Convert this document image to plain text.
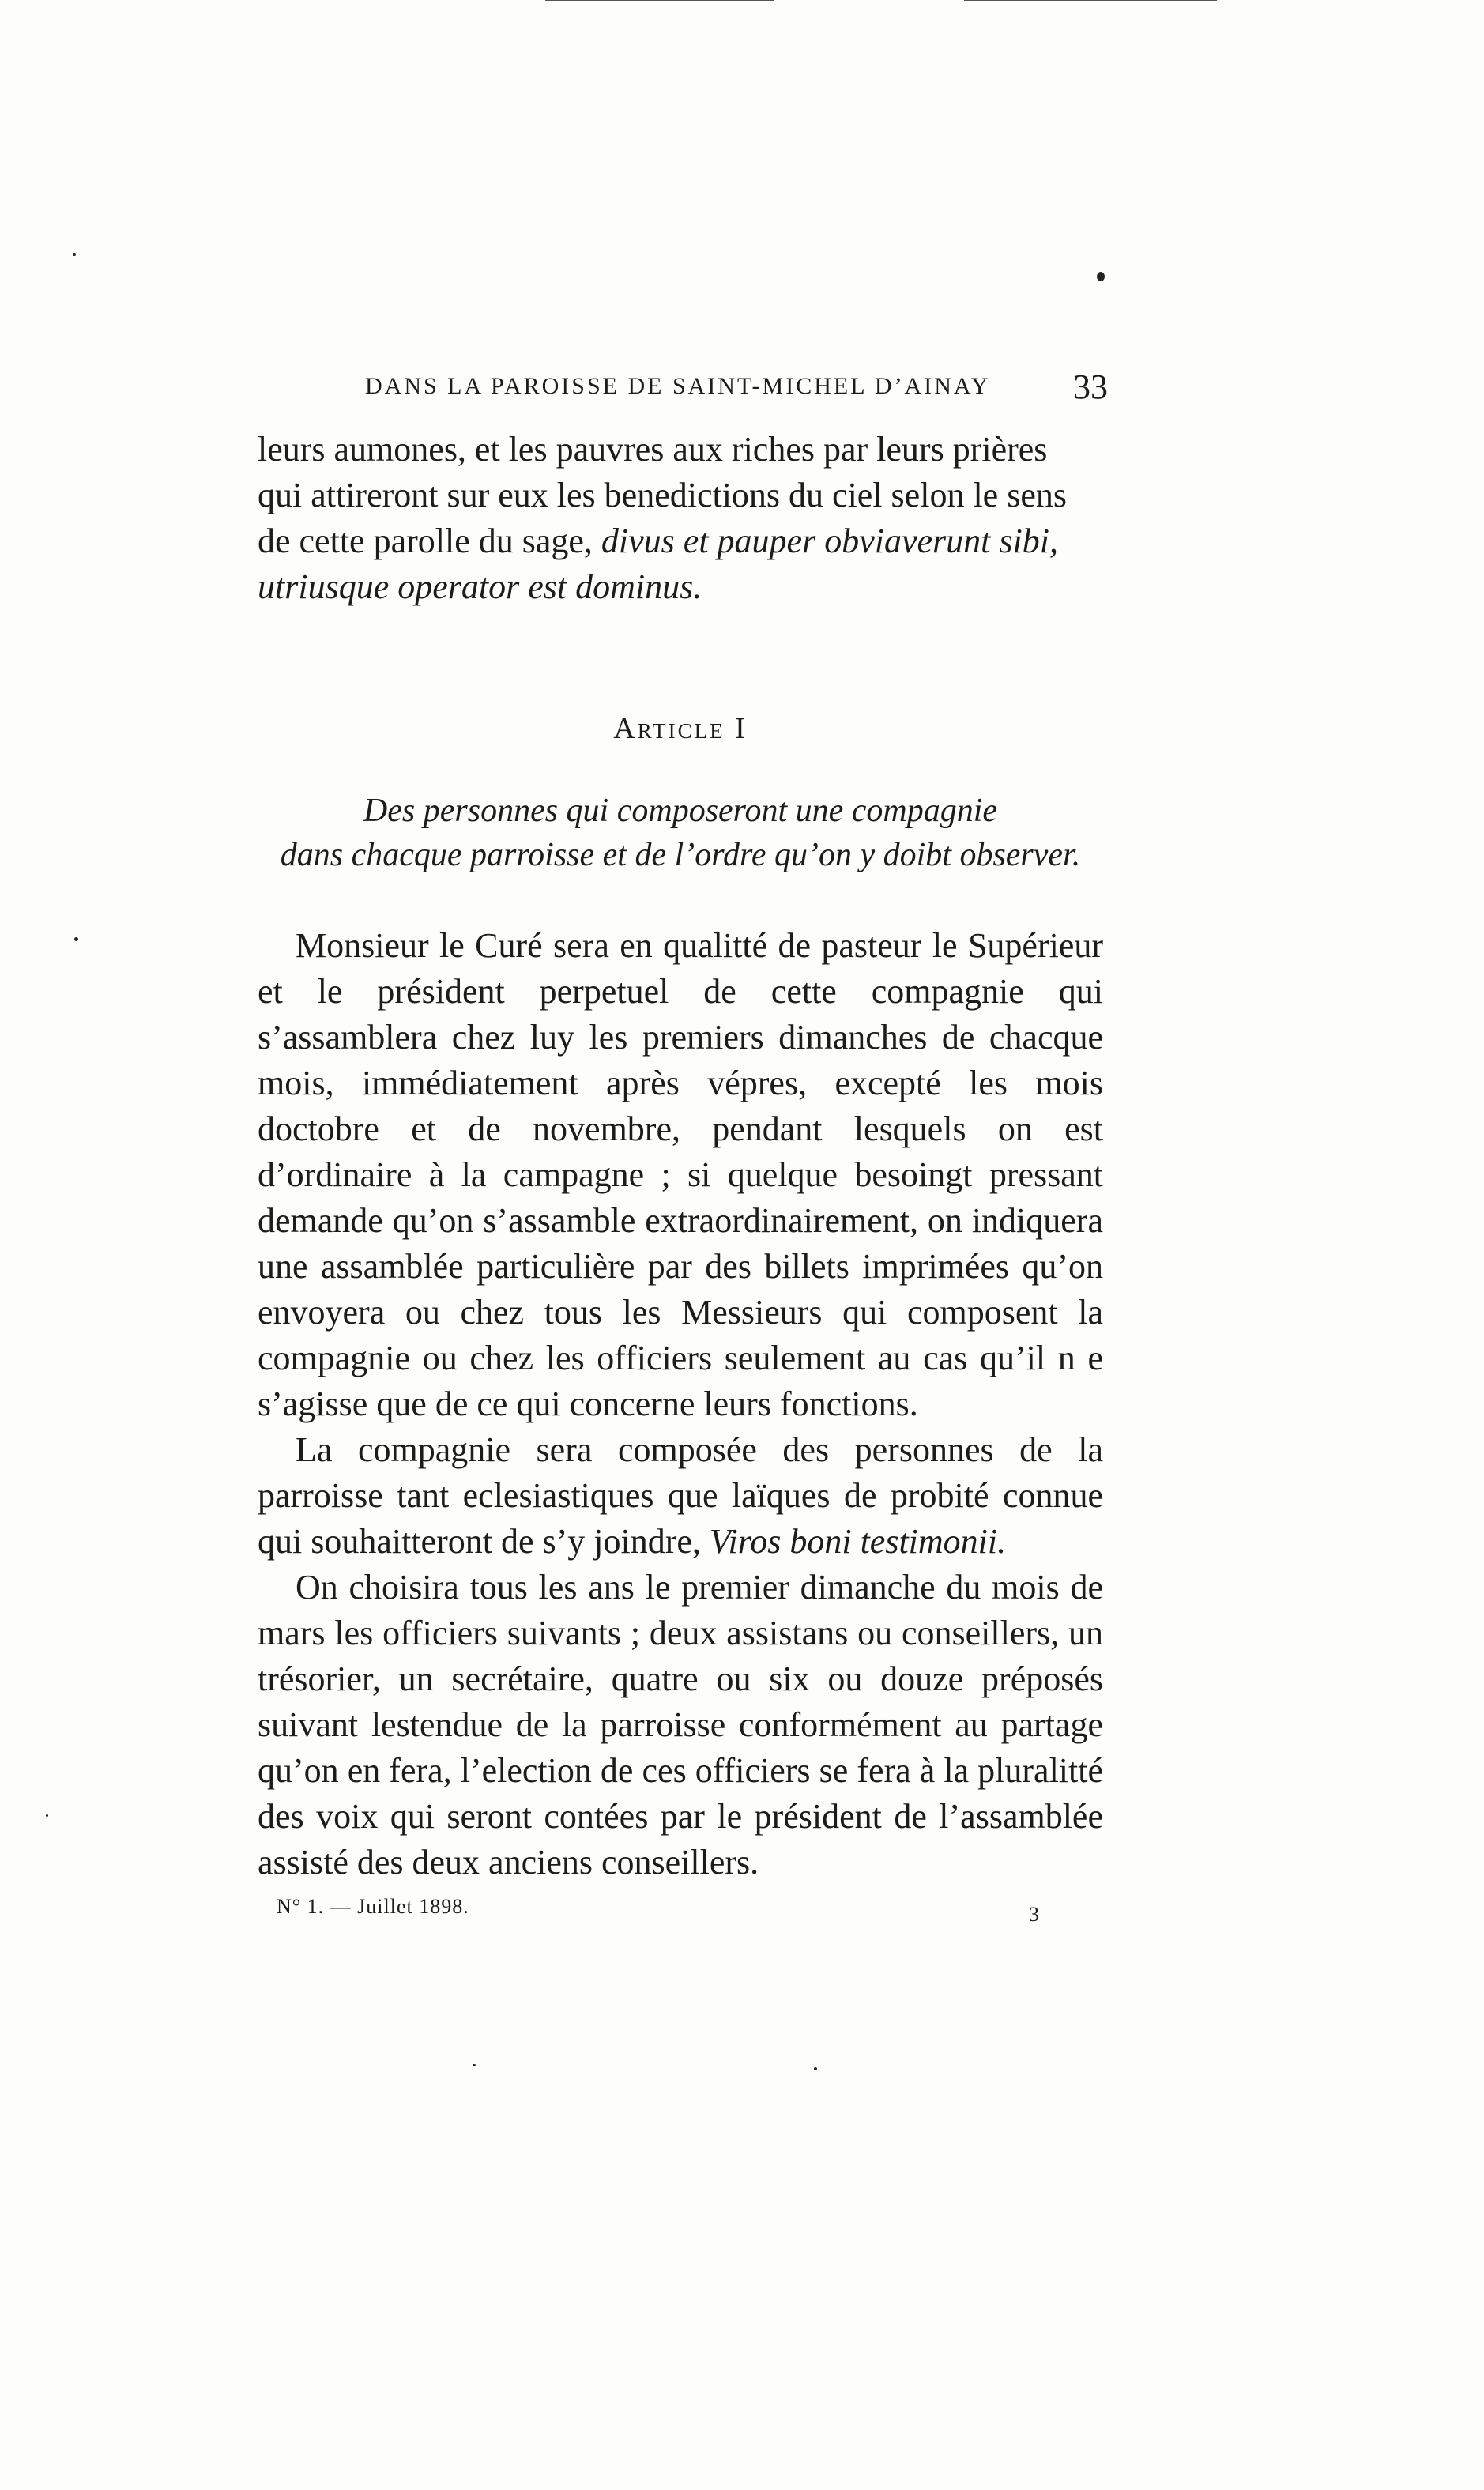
DANS LA PAROISSE DE SAINT-MICHEL D’AINAY 33
leurs aumones, et les pauvres aux riches par leurs prières
qui attireront sur eux les benedictions du ciel selon le sens
de cette parolle du sage, divus et pauper obviaverunt sibi,
utriusque operator est dominus.
Article I
Des personnes qui composeront une compagnie
dans chacque parroisse et de l’ordre qu’on y doibt observer.

Monsieur le Curé sera en qualitté de pasteur le Supérieur et le président perpetuel de cette compagnie qui s’assamblera chez luy les premiers dimanches de chacque mois, immédiatement après vépres, excepté les mois doctobre et de novembre, pendant lesquels on est d’ordinaire à la campagne ; si quelque besoingt pressant demande qu’on s’assamble extraordinairement, on indiquera une assamblée particulière par des billets imprimées qu’on envoyera ou chez tous les Messieurs qui composent la compagnie ou chez les officiers seulement au cas qu’il n e s’agisse que de ce qui concerne leurs fonctions.

La compagnie sera composée des personnes de la parroisse tant eclesiastiques que laïques de probité connue qui souhaitteront de s’y joindre, Viros boni testimonii.

On choisira tous les ans le premier dimanche du mois de mars les officiers suivants ; deux assistans ou conseillers, un trésorier, un secrétaire, quatre ou six ou douze préposés suivant lestendue de la parroisse conformément au partage qu’on en fera, l’election de ces officiers se fera à la pluralitté des voix qui seront contées par le président de l’assamblée assisté des deux anciens conseillers.

N° 1. — Juillet 1898.	3
